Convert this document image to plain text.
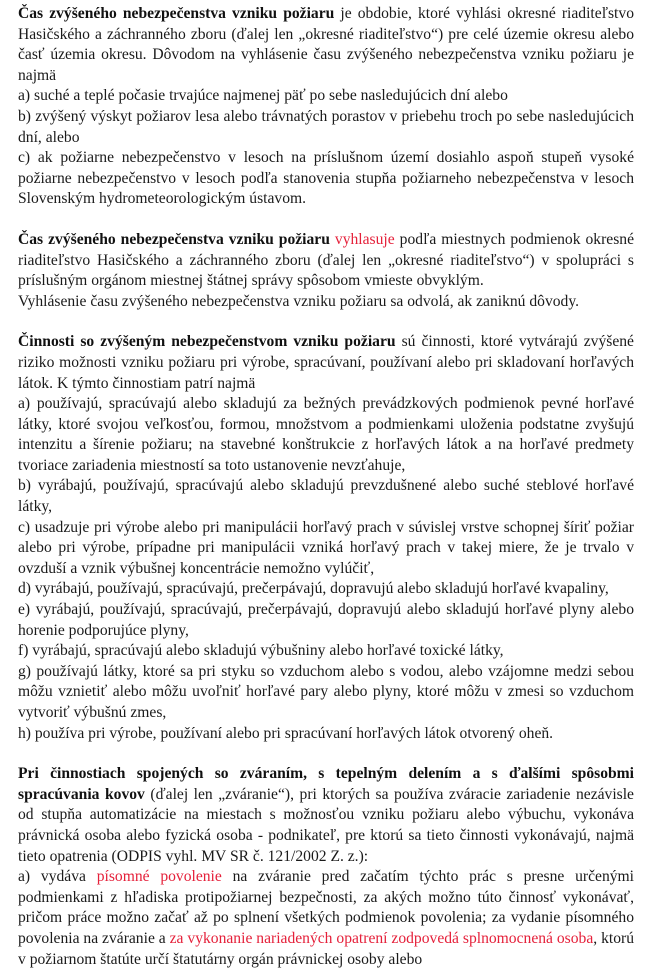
Čas zvýšeného nebezpečenstva vzniku požiaru je obdobie, ktoré vyhlási okresné riaditeľstvo Hasičského a záchranného zboru (ďalej len „okresné riaditeľstvo“) pre celé územie okresu alebo časť územia okresu. Dôvodom na vyhlásenie času zvýšeného nebezpečenstva vzniku požiaru je najmä

a) suché a teplé počasie trvajúce najmenej päť po sebe nasledujúcich dní alebo

b) zvýšený výskyt požiarov lesa alebo trávnatých porastov v priebehu troch po sebe nasledujúcich dní, alebo

c) ak požiarne nebezpečenstvo v lesoch na príslušnom území dosiahlo aspoň stupeň vysoké požiarne nebezpečenstvo v lesoch podľa stanovenia stupňa požiarneho nebezpečenstva v lesoch Slovenským hydrometeorologickým ústavom.

Čas zvýšeného nebezpečenstva vzniku požiaru vyhlasuje podľa miestnych podmienok okresné riaditeľstvo Hasičského a záchranného zboru (ďalej len „okresné riaditeľstvo“) v spolupráci s príslušným orgánom miestnej štátnej správy spôsobom vmieste obvyklým.

Vyhlásenie času zvýšeného nebezpečenstva vzniku požiaru sa odvolá, ak zaniknú dôvody.

Činnosti so zvýšeným nebezpečenstvom vzniku požiaru sú činnosti, ktoré vytvárajú zvýšené riziko možnosti vzniku požiaru pri výrobe, spracúvaní, používaní alebo pri skladovaní horľavých látok. K týmto činnostiam patrí najmä

a) používajú, spracúvajú alebo skladujú za bežných prevádzkových podmienok pevné horľavé látky, ktoré svojou veľkosťou, formou, množstvom a podmienkami uloženia podstatne zvyšujú intenzitu a šírenie požiaru; na stavebné konštrukcie z horľavých látok a na horľavé predmety tvoriace zariadenia miestností sa toto ustanovenie nevzťahuje,

b) vyrábajú, používajú, spracúvajú alebo skladujú prevzdušnené alebo suché steblové horľavé látky,

c) usadzuje pri výrobe alebo pri manipulácii horľavý prach v súvislej vrstve schopnej šíriť požiar alebo pri výrobe, prípadne pri manipulácii vzniká horľavý prach v takej miere, že je trvalo v ovzduší a vznik výbušnej koncentrácie nemožno vylúčiť,

d) vyrábajú, používajú, spracúvajú, prečerpávajú, dopravujú alebo skladujú horľavé kvapaliny,

e) vyrábajú, používajú, spracúvajú, prečerpávajú, dopravujú alebo skladujú horľavé plyny alebo horenie podporujúce plyny,

f) vyrábajú, spracúvajú alebo skladujú výbušniny alebo horľavé toxické látky,

g) používajú látky, ktoré sa pri styku so vzduchom alebo s vodou, alebo vzájomne medzi sebou môžu vznietiť alebo môžu uvoľniť horľavé pary alebo plyny, ktoré môžu v zmesi so vzduchom vytvoriť výbušnú zmes,

h) používa pri výrobe, používaní alebo pri spracúvaní horľavých látok otvorený oheň.

Pri činnostiach spojených so zváraním, s tepelným delením a s ďalšími spôsobmi spracúvania kovov (ďalej len „zváranie“), pri ktorých sa používa zváracie zariadenie nezávisle od stupňa automatizácie na miestach s možnosťou vzniku požiaru alebo výbuchu, vykonáva právnická osoba alebo fyzická osoba - podnikateľ, pre ktorú sa tieto činnosti vykonávajú, najmä tieto opatrenia (ODPIS vyhl. MV SR č. 121/2002 Z. z.):

a) vydáva písomné povolenie na zváranie pred začatím týchto prác s presne určenými podmienkami z hľadiska protipožiarnej bezpečnosti, za akých možno túto činnosť vykonávať, pričom práce možno začať až po splnení všetkých podmienok povolenia; za vydanie písomného povolenia na zváranie a za vykonanie nariadených opatrení zodpovedá splnomocnená osoba, ktorú v požiarnom štatúte určí štatutárny orgán právnickej osoby alebo
